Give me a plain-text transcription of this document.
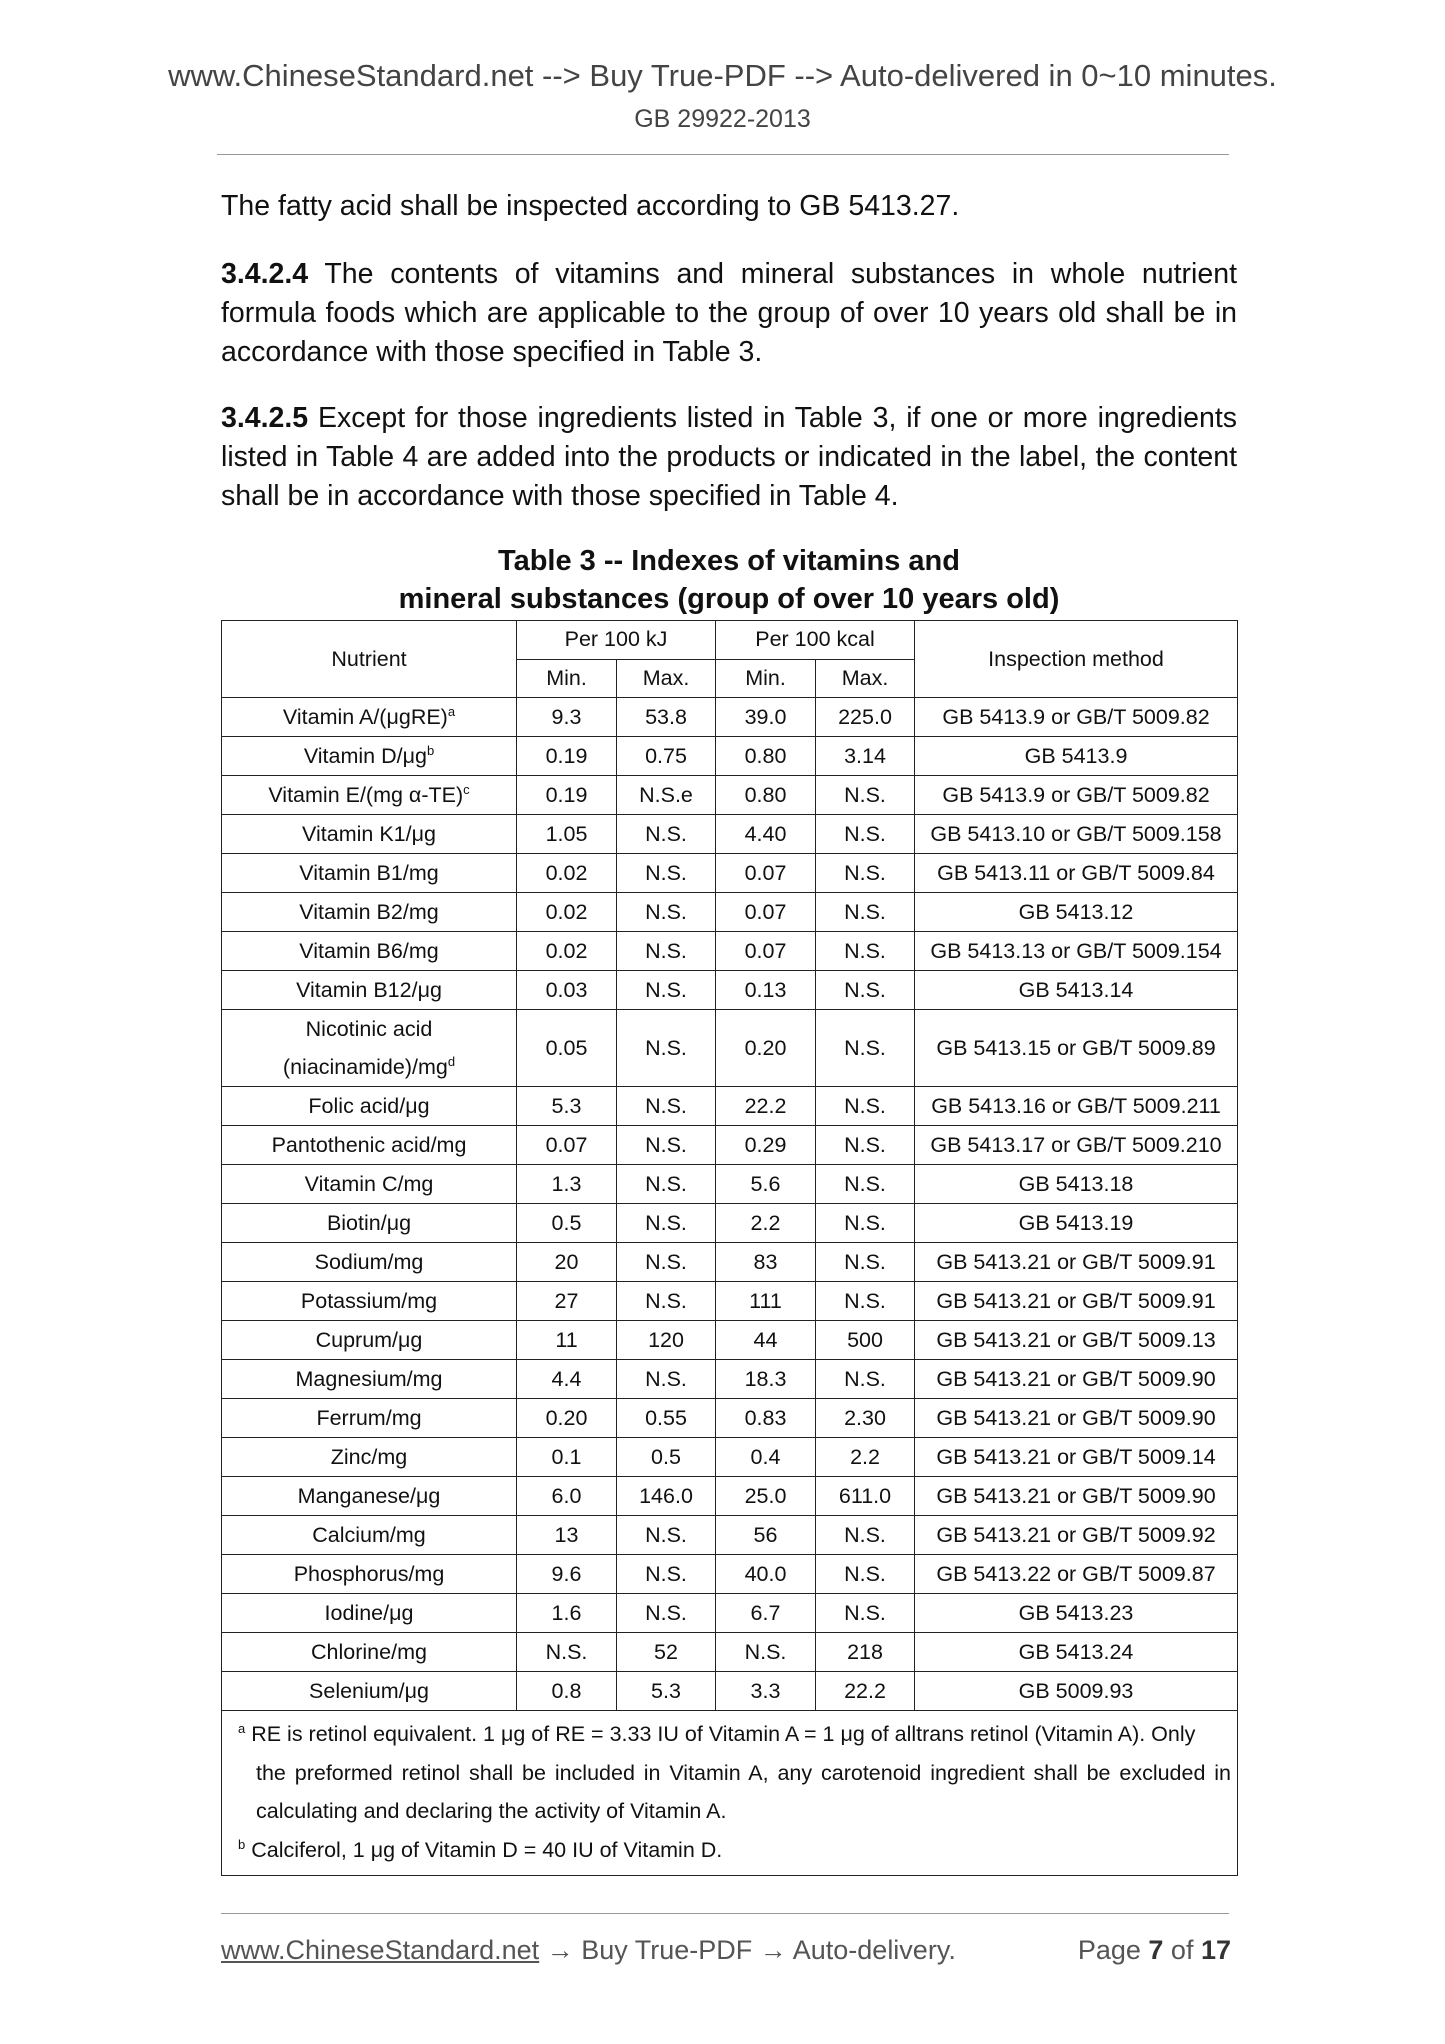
www.ChineseStandard.net --> Buy True-PDF --> Auto-delivered in 0~10 minutes.
GB 29922-2013
The fatty acid shall be inspected according to GB 5413.27.
3.4.2.4 The contents of vitamins and mineral substances in whole nutrient formula foods which are applicable to the group of over 10 years old shall be in accordance with those specified in Table 3.
3.4.2.5 Except for those ingredients listed in Table 3, if one or more ingredients listed in Table 4 are added into the products or indicated in the label, the content shall be in accordance with those specified in Table 4.
Table 3 -- Indexes of vitamins and
mineral substances (group of over 10 years old)
Nutrient	Per 100 kJ		Per 100 kcal		Inspection method
	Min.	Max.	Min.	Max.	
Vitamin $A/(\mu gRE)^a$	9.3	53.8	39.0	225.0	GB 5413.9 or GB/T 5009.82
Vitamin $D/\mu g^b$	0.19	0.75	0.80	3.14	GB 5413.9
Vitamin E/(mg α-TE)$^c$	0.19	N.S.e	0.80	N.S.	GB 5413.9 or GB/T 5009.82
Vitamin K1/μg	1.05	N.S.	4.40	N.S.	GB 5413.10 or GB/T 5009.158
Vitamin B1/mg	0.02	N.S.	0.07	N.S.	GB 5413.11 or GB/T 5009.84
Vitamin B2/mg	0.02	N.S.	0.07	N.S.	GB 5413.12
Vitamin B6/mg	0.02	N.S.	0.07	N.S.	GB 5413.13 or GB/T 5009.154
Vitamin B12/μg	0.03	N.S.	0.13	N.S.	GB 5413.14
Nicotinic acid
$(niacinamide)/mg^d$	0.05	N.S.	0.20	N.S.	GB 5413.15 or GB/T 5009.89
Folic acid/μg	5.3	N.S.	22.2	N.S.	GB 5413.16 or GB/T 5009.211
Pantothenic acid/mg	0.07	N.S.	0.29	N.S.	GB 5413.17 or GB/T 5009.210
Vitamin C/mg	1.3	N.S.	5.6	N.S.	GB 5413.18
Biotin/μg	0.5	N.S.	2.2	N.S.	GB 5413.19
Sodium/mg	20	N.S.	83	N.S.	GB 5413.21 or GB/T 5009.91
Potassium/mg	27	N.S.	111	N.S.	GB 5413.21 or GB/T 5009.91
Cuprum/μg	11	120	44	500	GB 5413.21 or GB/T 5009.13
Magnesium/mg	4.4	N.S.	18.3	N.S.	GB 5413.21 or GB/T 5009.90
Ferrum/mg	0.20	0.55	0.83	2.30	GB 5413.21 or GB/T 5009.90
Zinc/mg	0.1	0.5	0.4	2.2	GB 5413.21 or GB/T 5009.14
Manganese/μg	6.0	146.0	25.0	611.0	GB 5413.21 or GB/T 5009.90
Calcium/mg	13	N.S.	56	N.S.	GB 5413.21 or GB/T 5009.92
Phosphorus/mg	9.6	N.S.	40.0	N.S.	GB 5413.22 or GB/T 5009.87
Iodine/μg	1.6	N.S.	6.7	N.S.	GB 5413.23
Chlorine/mg	N.S.	52	N.S.	218	GB 5413.24
Selenium/μg	0.8	5.3	3.3	22.2	GB 5009.93

$^a$ RE is retinol equivalent. 1 μg of RE = 3.33 IU of Vitamin A = 1 μg of alltrans retinol (Vitamin A). Only
the preformed retinol shall be included in Vitamin A, any carotenoid ingredient shall be excluded in calculating and declaring the activity of Vitamin A.
$^b$ Calciferol, 1 μg of Vitamin D = 40 IU of Vitamin D.					
www.ChineseStandard.net → Buy True-PDF → Auto-delivery.	Page 7 of 17
